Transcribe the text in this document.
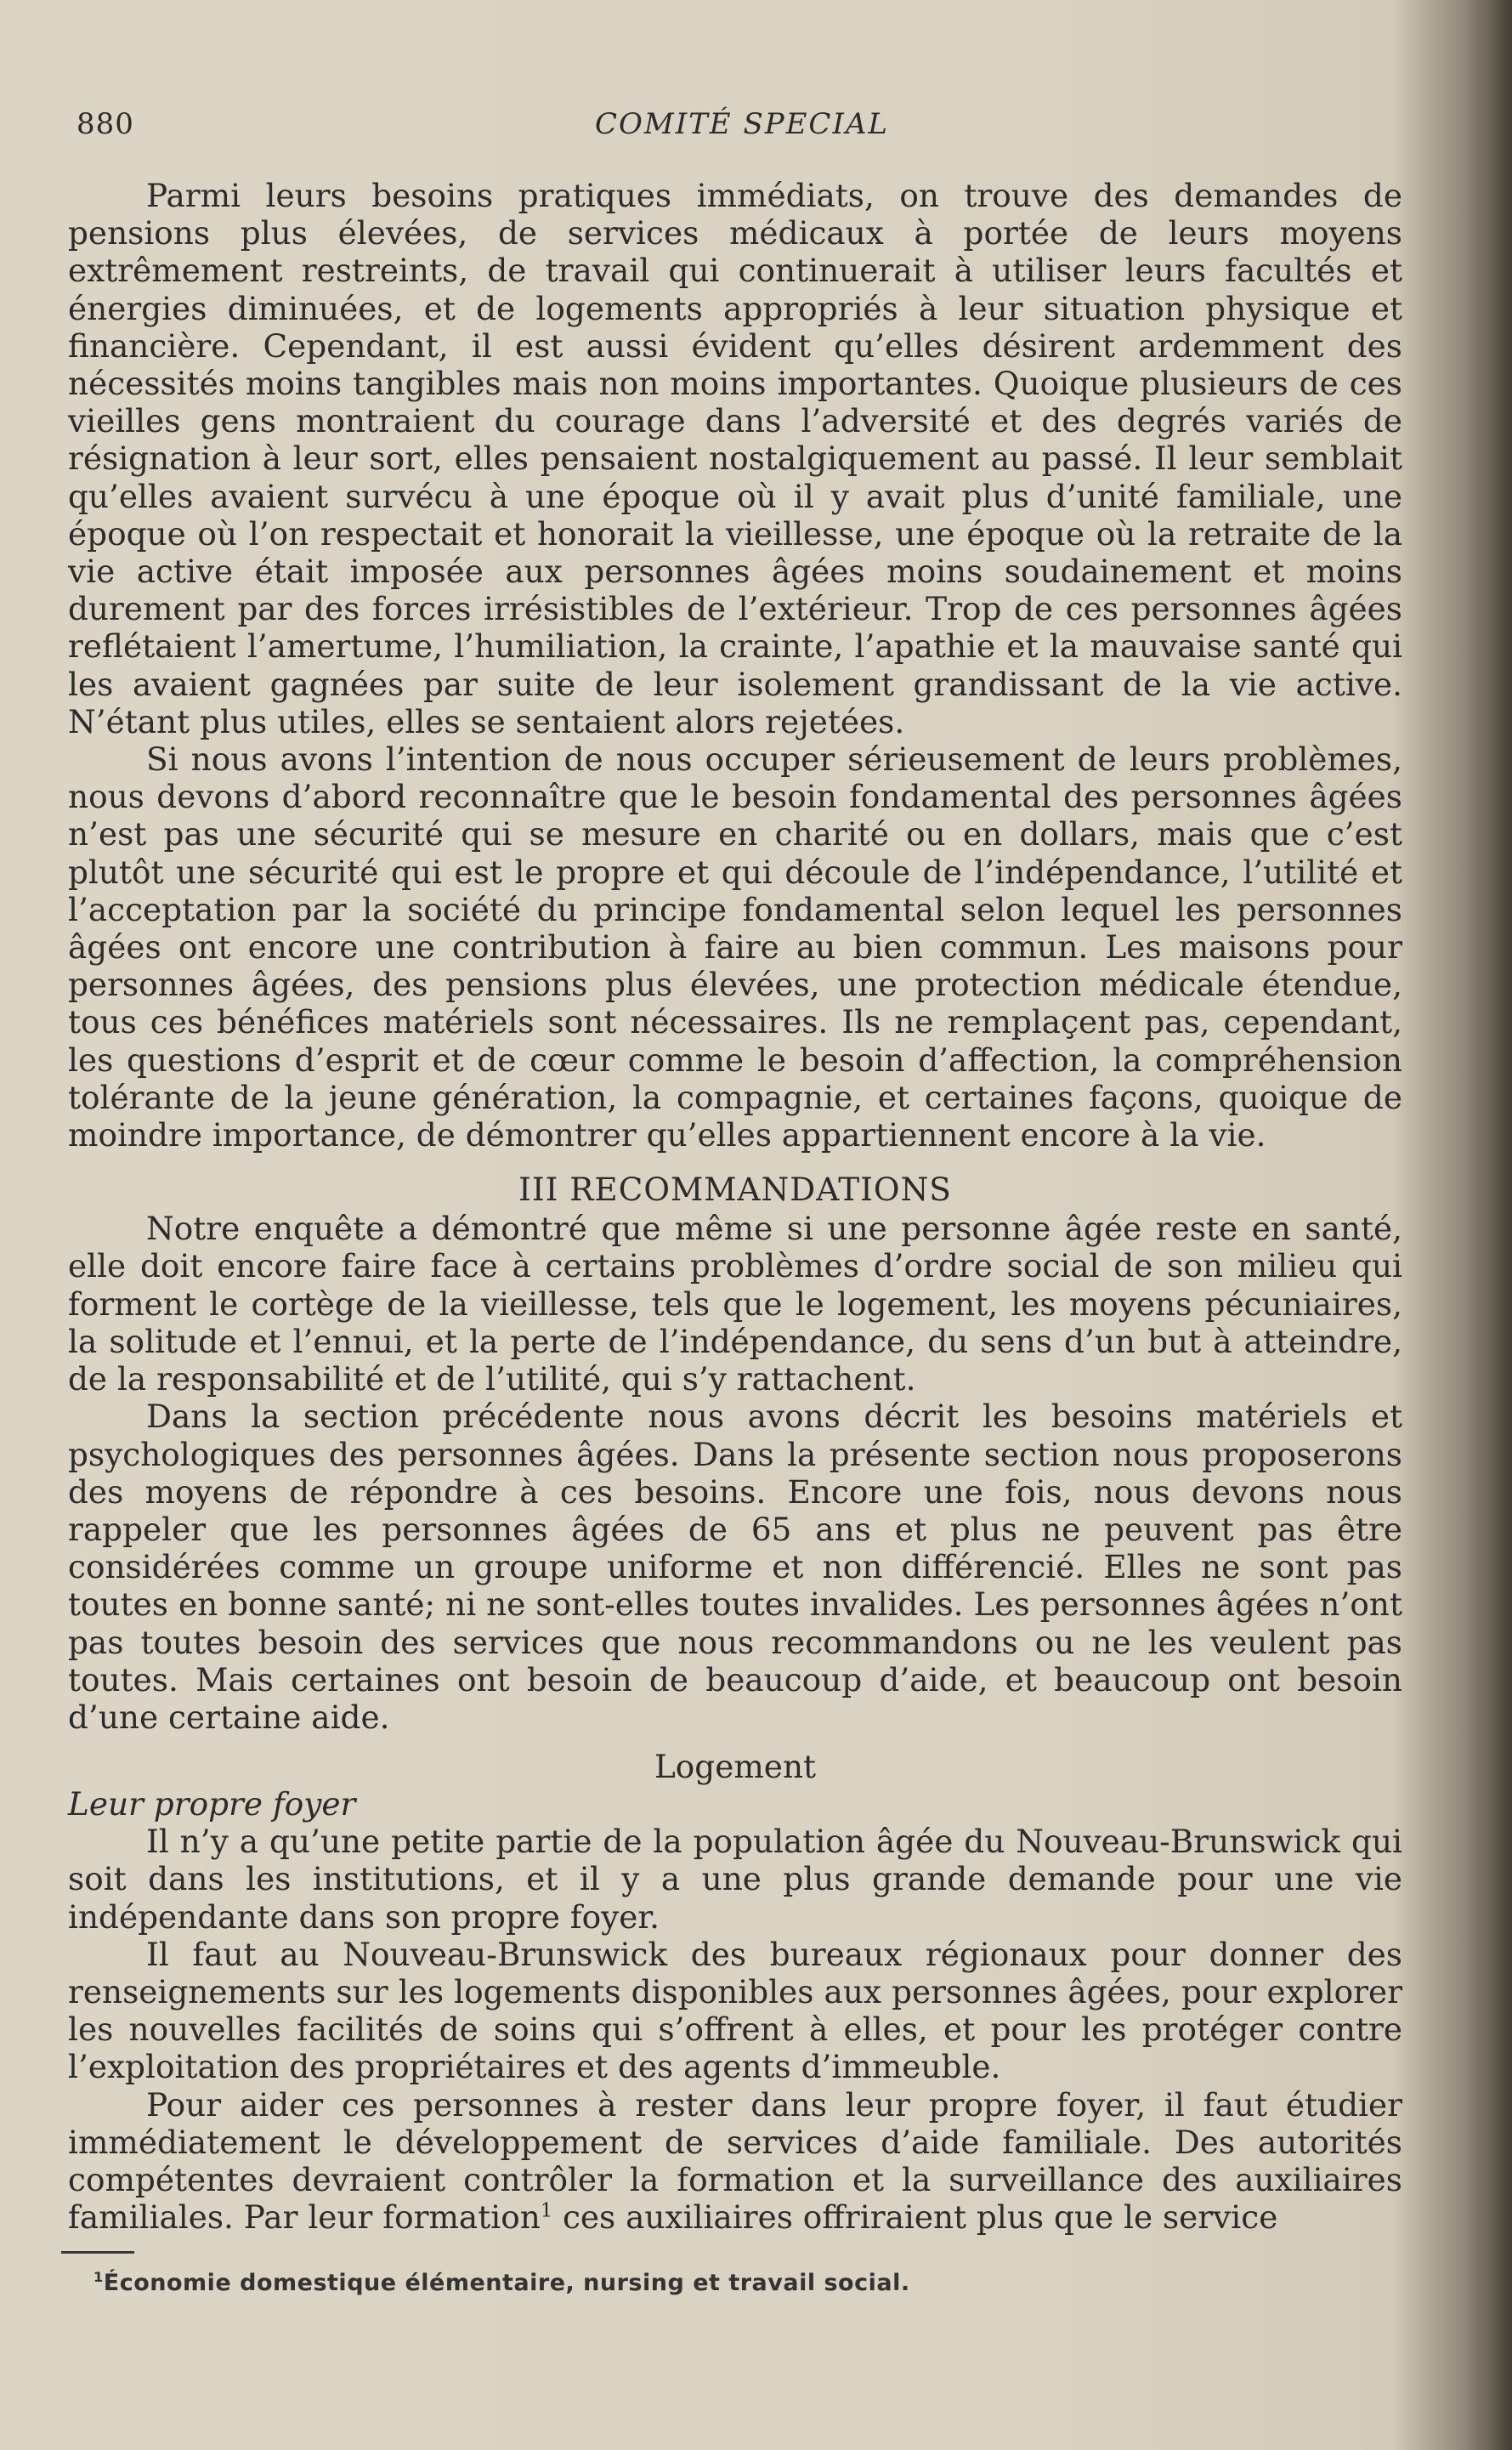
880	COMITÉ SPECIAL

Parmi leurs besoins pratiques immédiats, on trouve des demandes de pensions plus élevées, de services médicaux à portée de leurs moyens extrêmement restreints, de travail qui continuerait à utiliser leurs facultés et énergies diminuées, et de logements appropriés à leur situation physique et financière. Cependant, il est aussi évident qu’elles désirent ardemment des nécessités moins tangibles mais non moins importantes. Quoique plusieurs de ces vieilles gens montraient du courage dans l’adversité et des degrés variés de résignation à leur sort, elles pensaient nostalgiquement au passé. Il leur semblait qu’elles avaient survécu à une époque où il y avait plus d’unité familiale, une époque où l’on respectait et honorait la vieillesse, une époque où la retraite de la vie active était imposée aux personnes âgées moins soudainement et moins durement par des forces irrésistibles de l’extérieur. Trop de ces personnes âgées reflétaient l’amertume, l’humiliation, la crainte, l’apathie et la mauvaise santé qui les avaient gagnées par suite de leur isolement grandissant de la vie active. N’étant plus utiles, elles se sentaient alors rejetées.

Si nous avons l’intention de nous occuper sérieusement de leurs problèmes, nous devons d’abord reconnaître que le besoin fondamental des personnes âgées n’est pas une sécurité qui se mesure en charité ou en dollars, mais que c’est plutôt une sécurité qui est le propre et qui découle de l’indépendance, l’utilité et l’acceptation par la société du principe fondamental selon lequel les personnes âgées ont encore une contribution à faire au bien commun. Les maisons pour personnes âgées, des pensions plus élevées, une protection médicale étendue, tous ces bénéfices matériels sont nécessaires. Ils ne remplaçent pas, cependant, les questions d’esprit et de cœur comme le besoin d’affection, la compréhension tolérante de la jeune génération, la compagnie, et certaines façons, quoique de moindre importance, de démontrer qu’elles appartiennent encore à la vie.

III RECOMMANDATIONS

Notre enquête a démontré que même si une personne âgée reste en santé, elle doit encore faire face à certains problèmes d’ordre social de son milieu qui forment le cortège de la vieillesse, tels que le logement, les moyens pécuniaires, la solitude et l’ennui, et la perte de l’indépendance, du sens d’un but à atteindre, de la responsabilité et de l’utilité, qui s’y rattachent.

Dans la section précédente nous avons décrit les besoins matériels et psychologiques des personnes âgées. Dans la présente section nous proposerons des moyens de répondre à ces besoins. Encore une fois, nous devons nous rappeler que les personnes âgées de 65 ans et plus ne peuvent pas être considérées comme un groupe uniforme et non différencié. Elles ne sont pas toutes en bonne santé; ni ne sont-elles toutes invalides. Les personnes âgées n’ont pas toutes besoin des services que nous recommandons ou ne les veulent pas toutes. Mais certaines ont besoin de beaucoup d’aide, et beaucoup ont besoin d’une certaine aide.

Logement
Leur propre foyer

Il n’y a qu’une petite partie de la population âgée du Nouveau-Brunswick qui soit dans les institutions, et il y a une plus grande demande pour une vie indépendante dans son propre foyer.

Il faut au Nouveau-Brunswick des bureaux régionaux pour donner des renseignements sur les logements disponibles aux personnes âgées, pour explorer les nouvelles facilités de soins qui s’offrent à elles, et pour les protéger contre l’exploitation des propriétaires et des agents d’immeuble.

Pour aider ces personnes à rester dans leur propre foyer, il faut étudier immédiatement le développement de services d’aide familiale. Des autorités compétentes devraient contrôler la formation et la surveillance des auxiliaires familiales. Par leur formation$^1$ ces auxiliaires offriraient plus que le service

$^1$Économie domestique élémentaire, nursing et travail social.
